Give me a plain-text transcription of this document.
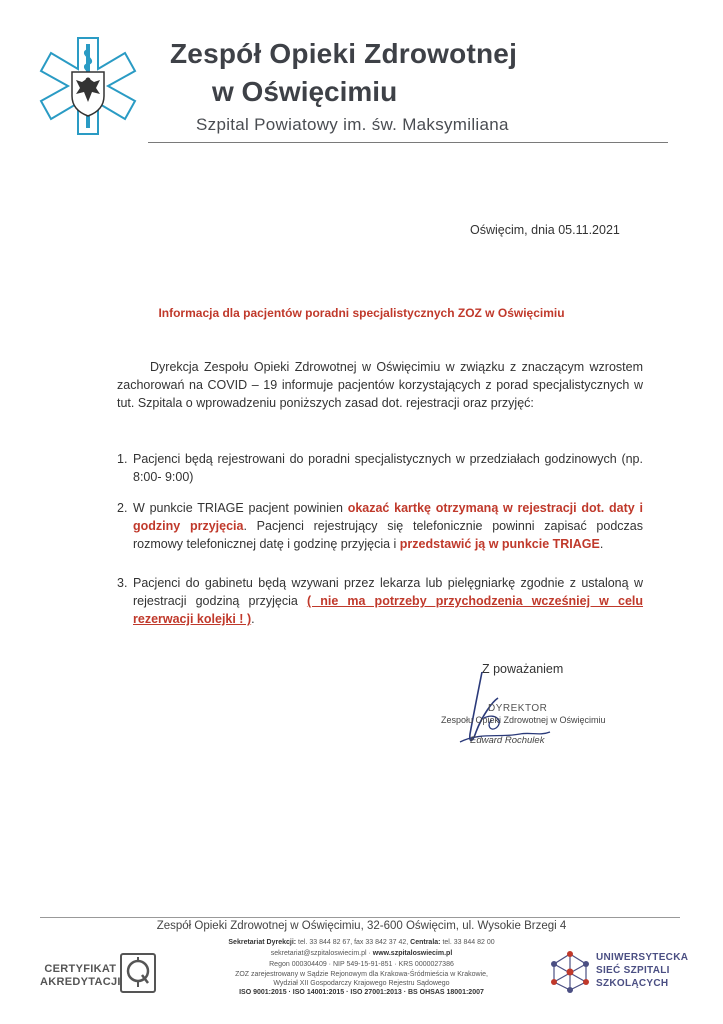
Zespół Opieki Zdrowotnej
w Oświęcimiu
Szpital Powiatowy im. św. Maksymiliana
Oświęcim, dnia 05.11.2021
Informacja dla pacjentów poradni specjalistycznych ZOZ w Oświęcimiu

Dyrekcja Zespołu Opieki Zdrowotnej w Oświęcimiu w związku z znaczącym wzrostem zachorowań na COVID – 19 informuje pacjentów korzystających z porad specjalistycznych w tut. Szpitala o wprowadzeniu poniższych zasad dot. rejestracji oraz przyjęć:

1. Pacjenci będą rejestrowani do poradni specjalistycznych w przedziałach godzinowych (np. 8:00- 9:00)
2. W punkcie TRIAGE pacjent powinien okazać kartkę otrzymaną w rejestracji dot. daty i godziny przyjęcia. Pacjenci rejestrujący się telefonicznie powinni zapisać podczas rozmowy telefonicznej datę i godzinę przyjęcia i przedstawić ją w punkcie TRIAGE.
3. Pacjenci do gabinetu będą wzywani przez lekarza lub pielęgniarkę zgodnie z ustaloną w rejestracji godziną przyjęcia ( nie ma potrzeby przychodzenia wcześniej w celu rezerwacji kolejki ! ).
Z poważaniem
DYREKTOR
Zespołu Opieki Zdrowotnej w Oświęcimiu
Edward Rochulek
Zespół Opieki Zdrowotnej w Oświęcimiu, 32-600 Oświęcim, ul. Wysokie Brzegi 4
Sekretariat Dyrekcji: tel. 33 844 82 67, fax 33 842 37 42, Centrala: tel. 33 844 82 00
sekretariat@szpitaloswiecim.pl · www.szpitaloswiecim.pl
Regon 000304409 · NIP 549-15-91-851 · KRS 0000027386
ZOZ zarejestrowany w Sądzie Rejonowym dla Krakowa-Śródmieścia w Krakowie,
Wydział XII Gospodarczy Krajowego Rejestru Sądowego
ISO 9001:2015 · ISO 14001:2015 · ISO 27001:2013 · BS OHSAS 18001:2007
CERTYFIKAT
AKREDYTACJI
UNIWERSYTECKA
SIEĆ SZPITALI
SZKOLĄCYCH
